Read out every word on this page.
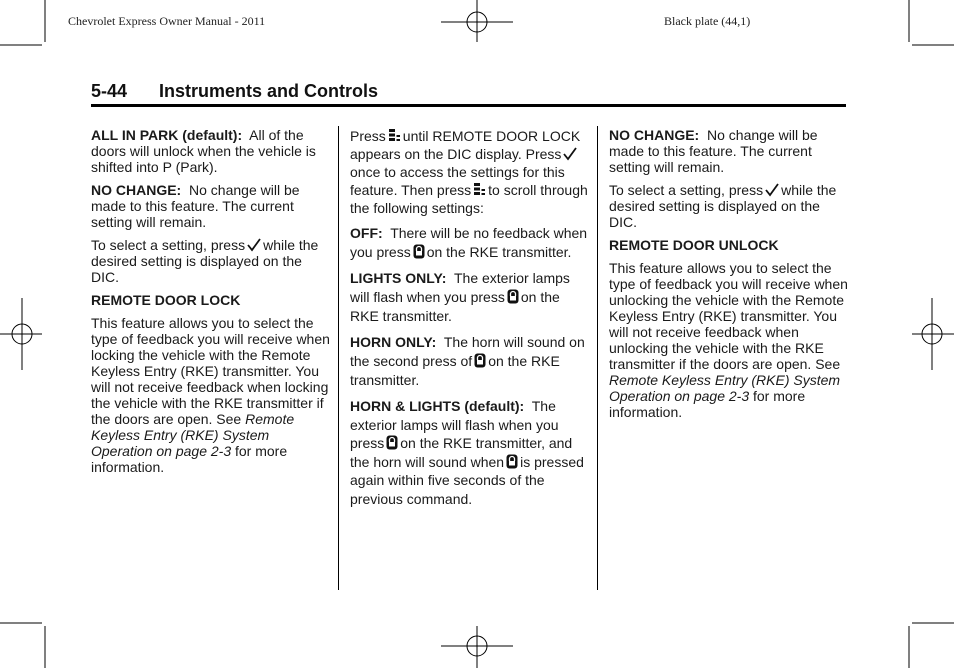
Chevrolet Express Owner Manual - 2011	Black plate (44,1)
5-44 Instruments and Controls

ALL IN PARK (default): All of the doors will unlock when the vehicle is shifted into P (Park).

NO CHANGE: No change will be made to this feature. The current setting will remain.

To select a setting, press while the desired setting is displayed on the DIC.

REMOTE DOOR LOCK

This feature allows you to select the type of feedback you will receive when locking the vehicle with the Remote Keyless Entry (RKE) transmitter. You will not receive feedback when locking the vehicle with the RKE transmitter if the doors are open. See Remote Keyless Entry (RKE) System Operation on page 2-3 for more information.

Press until REMOTE DOOR LOCK appears on the DIC display. Pressonce to access the settings for this feature. Then press to scroll through the following settings:

OFF: There will be no feedback when you press on the RKE transmitter.

LIGHTS ONLY: The exterior lamps will flash when you press on the RKE transmitter.

HORN ONLY: The horn will sound on the second press of on the RKE transmitter.

HORN & LIGHTS (default): The exterior lamps will flash when you press on the RKE transmitter, and the horn will sound when is pressed again within five seconds of the previous command.

NO CHANGE: No change will be made to this feature. The current setting will remain.

To select a setting, press while the desired setting is displayed on the DIC.

REMOTE DOOR UNLOCK

This feature allows you to select the type of feedback you will receive when unlocking the vehicle with the Remote Keyless Entry (RKE) transmitter. You will not receive feedback when unlocking the vehicle with the RKE transmitter if the doors are open. See Remote Keyless Entry (RKE) System Operation on page 2-3 for more information.
